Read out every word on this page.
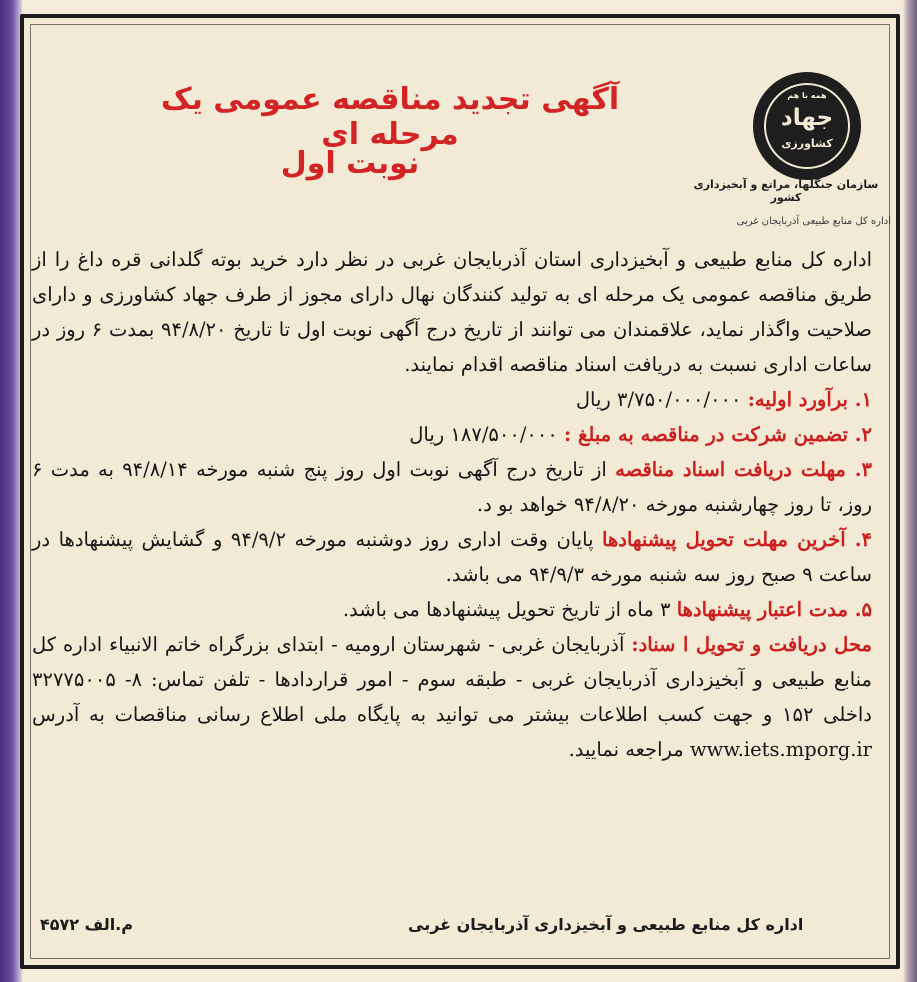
همه با هم
جهاد
کشاورزی
سازمان جنگلها، مراتع و آبخیزداری کشور
آگهی تجدید مناقصه عمومی یک مرحله ای
نوبت اول
اداره کل منابع طبیعی آذربایجان غربی

اداره کل منابع طبیعی و آبخیزداری استان آذربایجان غربی در نظر دارد خرید بوته گلدانی قره داغ را از طریق مناقصه عمومی یک مرحله ای به تولید کنندگان نهال دارای مجوز از طرف جهاد کشاورزی و دارای صلاحیت واگذار نماید، علاقمندان می توانند از تاریخ درج آگهی نوبت اول تا تاریخ ۹۴/۸/۲۰ بمدت ۶ روز در ساعات اداری نسبت به دریافت اسناد مناقصه اقدام نمایند.

۱. برآورد اولیه: ۳/۷۵۰/۰۰۰/۰۰۰ ریال

۲. تضمین شرکت در مناقصه به مبلغ : ۱۸۷/۵۰۰/۰۰۰ ریال

۳. مهلت دریافت اسناد مناقصه از تاریخ درج آگهی نوبت اول روز پنج شنبه مورخه ۹۴/۸/۱۴ به مدت ۶ روز، تا روز چهارشنبه مورخه ۹۴/۸/۲۰ خواهد بو د.

۴. آخرین مهلت تحویل پیشنهادها پایان وقت اداری روز دوشنبه مورخه ۹۴/۹/۲ و گشایش پیشنهادها در ساعت ۹ صبح روز سه شنبه مورخه ۹۴/۹/۳ می باشد.

۵. مدت اعتبار پیشنهادها ۳ ماه از تاریخ تحویل پیشنهادها می باشد.

محل دریافت و تحویل ا سناد: آذربایجان غربی - شهرستان ارومیه - ابتدای بزرگراه خاتم الانبیاء اداره کل منابع طبیعی و آبخیزداری آذربایجان غربی - طبقه سوم - امور قراردادها - تلفن تماس: ۸- ۳۲۷۷۵۰۰۵ داخلی ۱۵۲ و جهت کسب اطلاعات بیشتر می توانید به پایگاه ملی اطلاع رسانی مناقصات به آدرس www.iets.mporg.ir مراجعه نمایید.

م.الف ۴۵۷۲	اداره کل منابع طبیعی و آبخیزداری آذربایجان غربی
